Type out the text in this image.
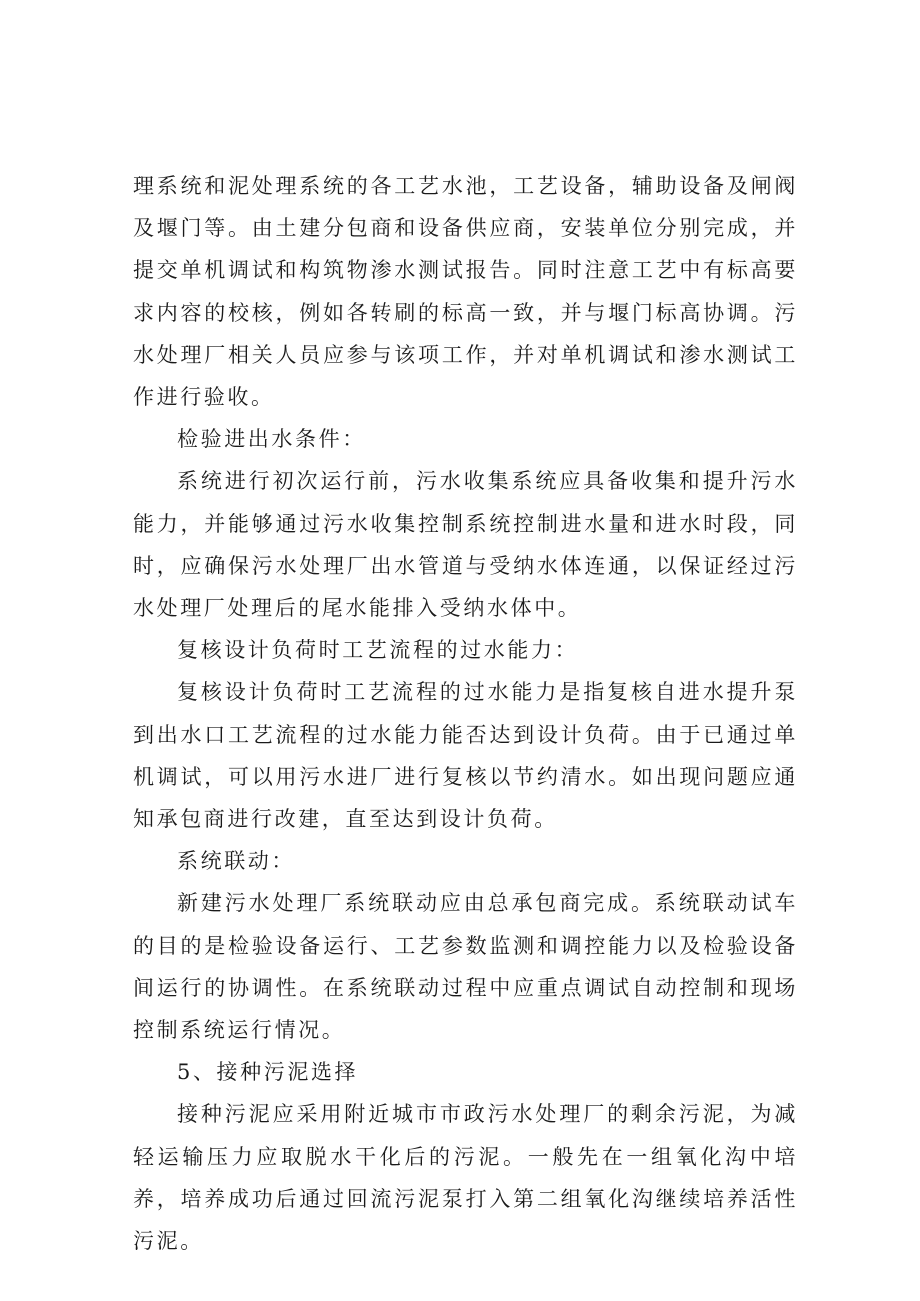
理系统和泥处理系统的各工艺水池，工艺设备，辅助设备及闸阀及堰门等。由土建分包商和设备供应商，安装单位分别完成，并提交单机调试和构筑物渗水测试报告。同时注意工艺中有标高要求内容的校核，例如各转刷的标高一致，并与堰门标高协调。污水处理厂相关人员应参与该项工作，并对单机调试和渗水测试工作进行验收。

检验进出水条件：

系统进行初次运行前，污水收集系统应具备收集和提升污水能力，并能够通过污水收集控制系统控制进水量和进水时段，同时，应确保污水处理厂出水管道与受纳水体连通，以保证经过污水处理厂处理后的尾水能排入受纳水体中。

复核设计负荷时工艺流程的过水能力：

复核设计负荷时工艺流程的过水能力是指复核自进水提升泵到出水口工艺流程的过水能力能否达到设计负荷。由于已通过单机调试，可以用污水进厂进行复核以节约清水。如出现问题应通知承包商进行改建，直至达到设计负荷。

系统联动：

新建污水处理厂系统联动应由总承包商完成。系统联动试车的目的是检验设备运行、工艺参数监测和调控能力以及检验设备间运行的协调性。在系统联动过程中应重点调试自动控制和现场控制系统运行情况。

5、接种污泥选择

接种污泥应采用附近城市市政污水处理厂的剩余污泥，为减轻运输压力应取脱水干化后的污泥。一般先在一组氧化沟中培养，培养成功后通过回流污泥泵打入第二组氧化沟继续培养活性污泥。
